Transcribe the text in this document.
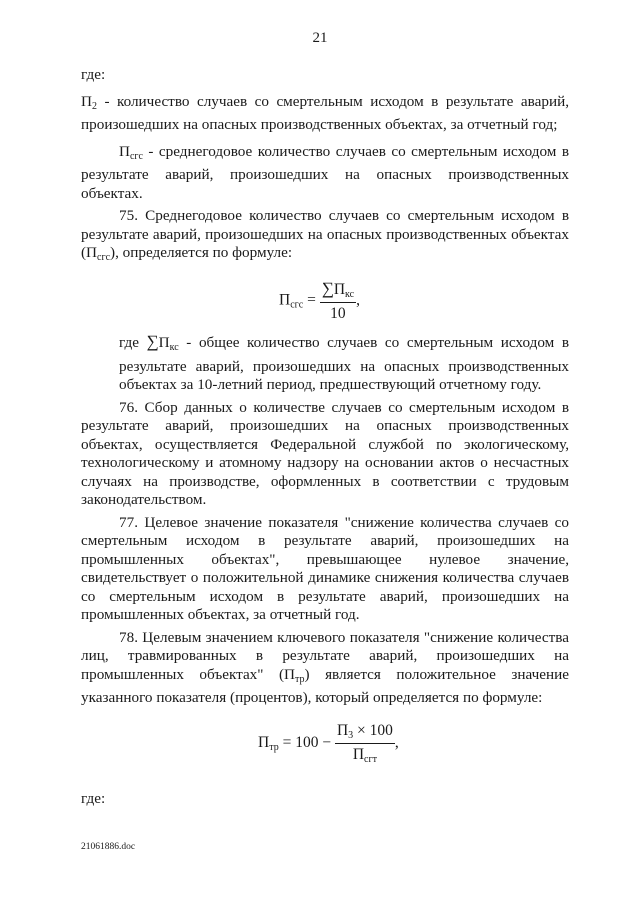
21

где:

$П_2$ - количество случаев со смертельным исходом в результате аварий, произошедших на опасных производственных объектах, за отчетный год;

$П_{сгс}$ - среднегодовое количество случаев со смертельным исходом в результате аварий, произошедших на опасных производственных объектах.

75. Среднегодовое количество случаев со смертельным исходом в результате аварий, произошедших на опасных производственных объектах $(П_{сгс})$, определяется по формуле:

$П_{сгс} = \frac{\sum П_{кс}}{10}$ ,

где $\sum П_{кс}$ - общее количество случаев со смертельным исходом в результате аварий, произошедших на опасных производственных объектах за 10-летний период, предшествующий отчетному году.

76. Сбор данных о количестве случаев со смертельным исходом в результате аварий, произошедших на опасных производственных объектах, осуществляется Федеральной службой по экологическому, технологическому и атомному надзору на основании актов о несчастных случаях на производстве, оформленных в соответствии с трудовым законодательством.

77. Целевое значение показателя "снижение количества случаев со смертельным исходом в результате аварий, произошедших на промышленных объектах", превышающее нулевое значение, свидетельствует о положительной динамике снижения количества случаев со смертельным исходом в результате аварий, произошедших на промышленных объектах, за отчетный год.

78. Целевым значением ключевого показателя "снижение количества лиц, травмированных в результате аварий, произошедших на промышленных объектах" $(П_{тр})$ является положительное значение указанного показателя (процентов), который определяется по формуле:

$П_{тр} = 100 - \frac{П_3 \times 100}{П_{сгт}}$ ,

где:

21061886.doc
